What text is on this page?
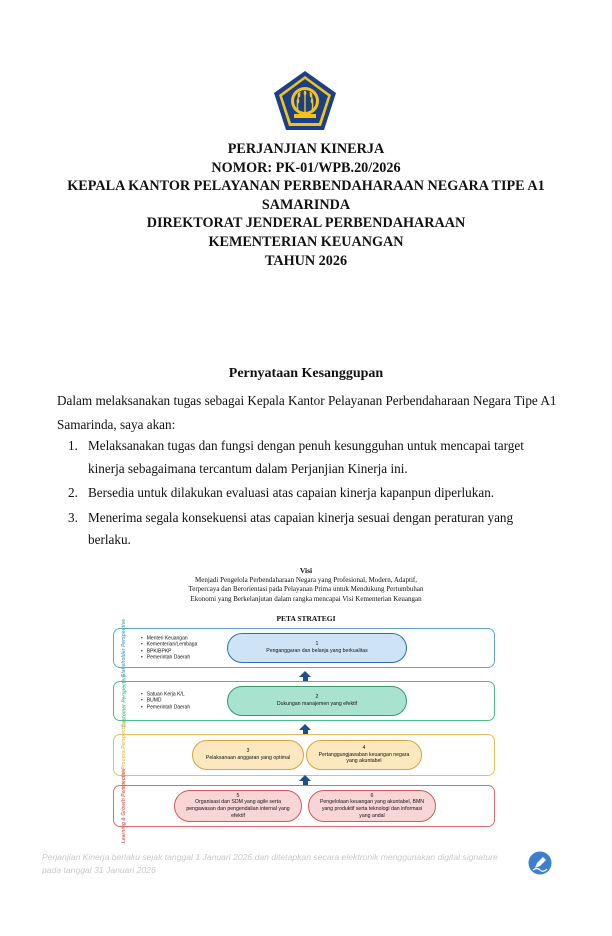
PERJANJIAN KINERJA
NOMOR: PK-01/WPB.20/2026
KEPALA KANTOR PELAYANAN PERBENDAHARAAN NEGARA TIPE A1
SAMARINDA
DIREKTORAT JENDERAL PERBENDAHARAAN
KEMENTERIAN KEUANGAN
TAHUN 2026
Pernyataan Kesanggupan
Dalam melaksanakan tugas sebagai Kepala Kantor Pelayanan Perbendaharaan Negara Tipe A1 Samarinda, saya akan:
1. Melaksanakan tugas dan fungsi dengan penuh kesungguhan untuk mencapai target kinerja sebagaimana tercantum dalam Perjanjian Kinerja ini.
2. Bersedia untuk dilakukan evaluasi atas capaian kinerja kapanpun diperlukan.
3. Menerima segala konsekuensi atas capaian kinerja sesuai dengan peraturan yang berlaku.
Visi
Menjadi Pengelola Perbendaharaan Negara yang Profesional, Modern, Adaptif,
Terpercaya dan Berorientasi pada Pelayanan Prima untuk Mendukung Pertumbuhan
Ekonomi yang Berkelanjutan dalam rangka mencapai Visi Kementerian Keuangan
PETA STRATEGI
Stakeholder Perspective	• Menteri Keuangan
• Kementerian/Lembaga
• BPK/BPKP
• Pemerintah Daerah
1
Penganggaran dan belanja yang berkualitas
Customer Perspective	• Satuan Kerja K/L
• BUMD
• Pemerintah Daerah
2
Dukungan manajemen yang efektif
Internal Process Perspective	3
Pelaksanaan anggaran yang optimal
4
Pertanggungjawaban keuangan negara yang akuntabel
Learning & Growth Perspective	5
Organisasi dan SDM yang agile serta pengawasan dan pengendalian internal yang efektif
6
Pengelolaan keuangan yang akuntabel, BMN yang produktif serta teknologi dan informasi yang andal
Perjanjian Kinerja berlaku sejak tanggal 1 Januari 2026 dan ditetapkan secara elektronik menggunakan digital signature pada tanggal 31 Januari 2026
